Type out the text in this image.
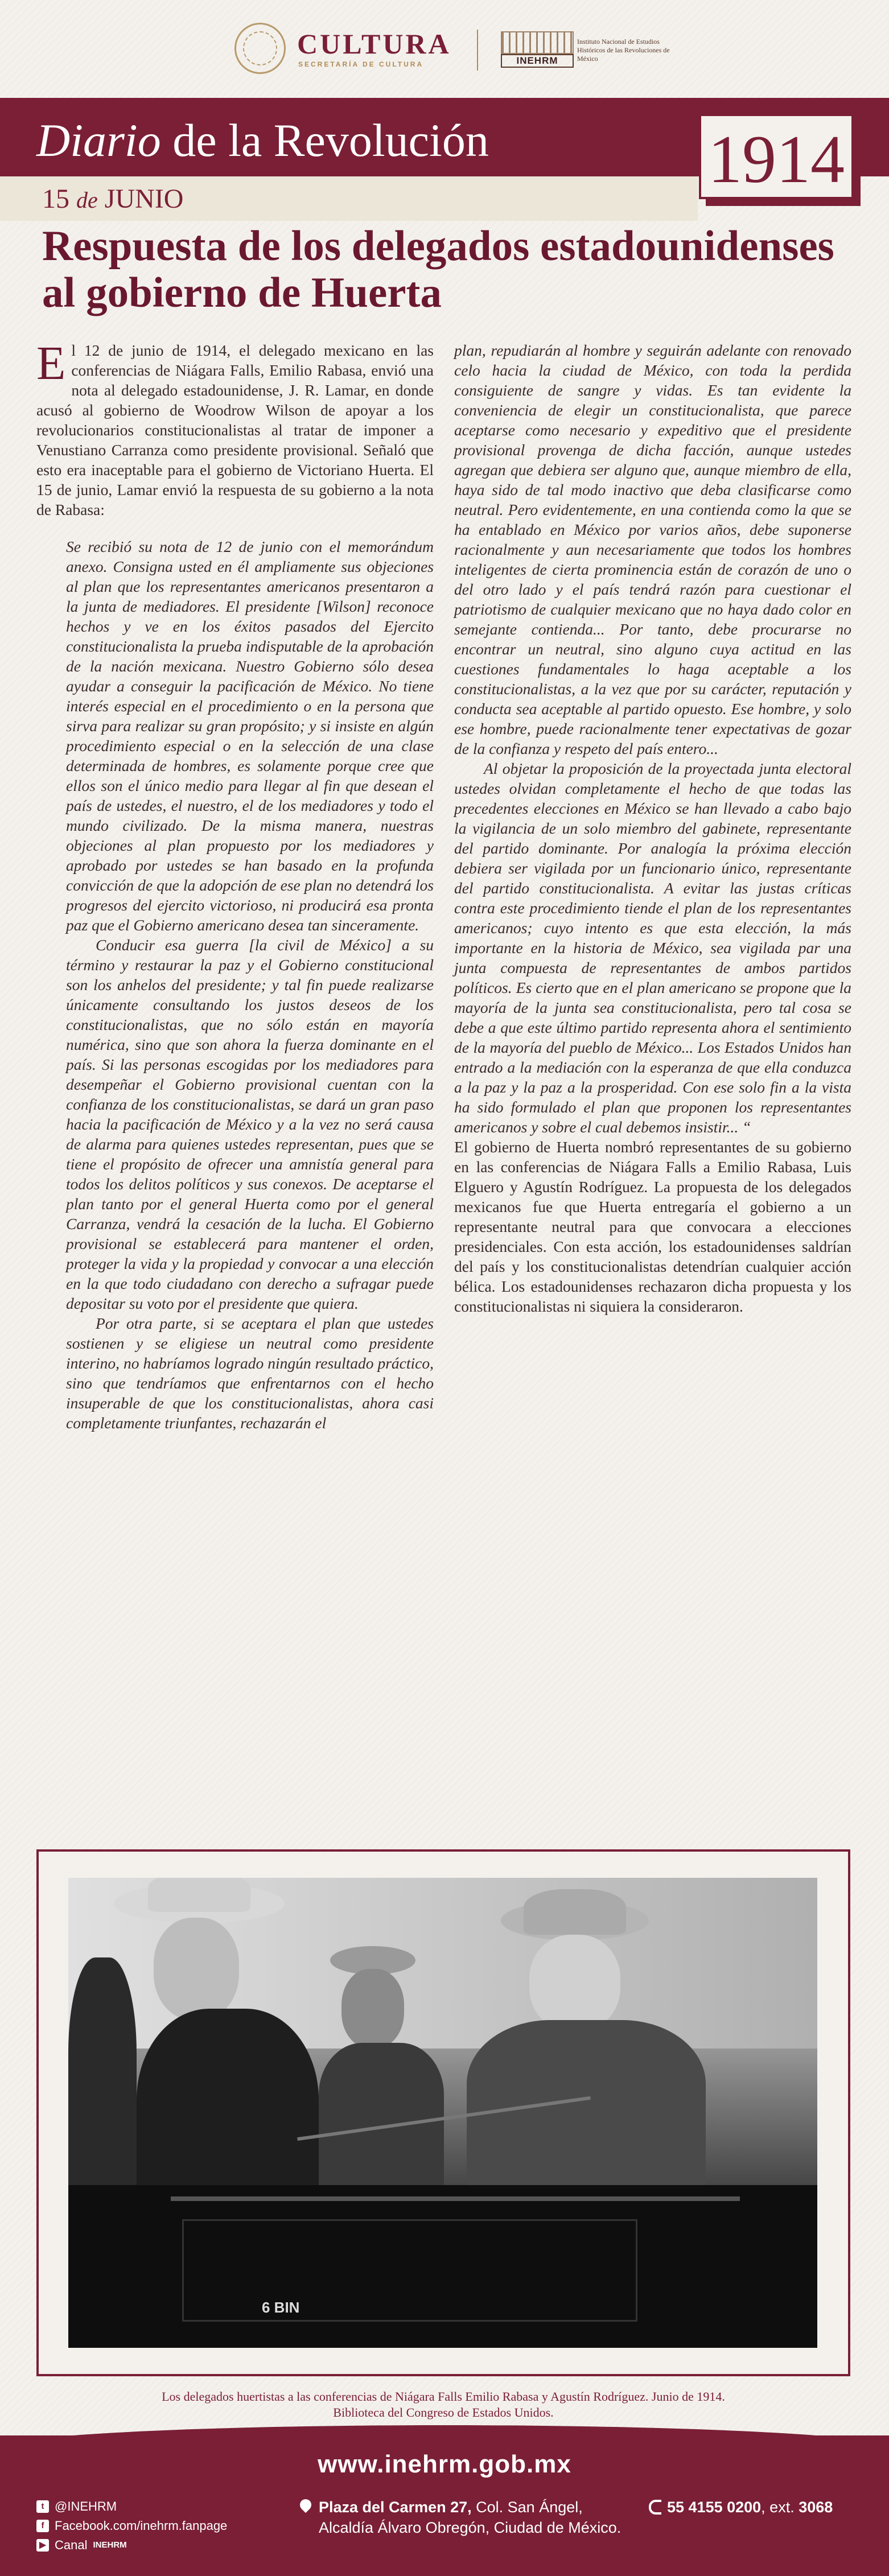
CULTURA
SECRETARÍA DE CULTURA	INEHRM
Instituto Nacional de Estudios Históricos de las Revoluciones de México
Diario de la Revolución
15 de JUNIO
1914
Respuesta de los delegados estadounidenses al gobierno de Huerta

El 12 de junio de 1914, el delegado mexicano en las conferencias de Niágara Falls, Emilio Rabasa, envió una nota al delegado estadounidense, J. R. Lamar, en donde acusó al gobierno de Woodrow Wilson de apoyar a los revolucionarios constitucionalistas al tratar de imponer a Venustiano Carranza como presidente provisional. Señaló que esto era inaceptable para el gobierno de Victoriano Huerta. El 15 de junio, Lamar envió la respuesta de su gobierno a la nota de Rabasa:

Se recibió su nota de 12 de junio con el memorándum anexo. Consigna usted en él ampliamente sus objeciones al plan que los representantes americanos presentaron a la junta de mediadores. El presidente [Wilson] reconoce hechos y ve en los éxitos pasados del Ejercito constitucionalista la prueba indisputable de la aprobación de la nación mexicana. Nuestro Gobierno sólo desea ayudar a conseguir la pacificación de México. No tiene interés especial en el procedimiento o en la persona que sirva para realizar su gran propósito; y si insiste en algún procedimiento especial o en la selección de una clase determinada de hombres, es solamente porque cree que ellos son el único medio para llegar al fin que desean el país de ustedes, el nuestro, el de los mediadores y todo el mundo civilizado. De la misma manera, nuestras objeciones al plan propuesto por los mediadores y aprobado por ustedes se han basado en la profunda convicción de que la adopción de ese plan no detendrá los progresos del ejercito victorioso, ni producirá esa pronta paz que el Gobierno americano desea tan sinceramente.

Conducir esa guerra [la civil de México] a su término y restaurar la paz y el Gobierno constitucional son los anhelos del presidente; y tal fin puede realizarse únicamente consultando los justos deseos de los constitucionalistas, que no sólo están en mayoría numérica, sino que son ahora la fuerza dominante en el país. Si las personas escogidas por los mediadores para desempeñar el Gobierno provisional cuentan con la confianza de los constitucionalistas, se dará un gran paso hacia la pacificación de México y a la vez no será causa de alarma para quienes ustedes representan, pues que se tiene el propósito de ofrecer una amnistía general para todos los delitos políticos y sus conexos. De aceptarse el plan tanto por el general Huerta como por el general Carranza, vendrá la cesación de la lucha. El Gobierno provisional se establecerá para mantener el orden, proteger la vida y la propiedad y convocar a una elección en la que todo ciudadano con derecho a sufragar puede depositar su voto por el presidente que quiera.

Por otra parte, si se aceptara el plan que ustedes sostienen y se eligiese un neutral como presidente interino, no habríamos logrado ningún resultado práctico, sino que tendríamos que enfrentarnos con el hecho insuperable de que los constitucionalistas, ahora casi completamente triunfantes, rechazarán el

plan, repudiarán al hombre y seguirán adelante con renovado celo hacia la ciudad de México, con toda la perdida consiguiente de sangre y vidas. Es tan evidente la conveniencia de elegir un constitucionalista, que parece aceptarse como necesario y expeditivo que el presidente provisional provenga de dicha facción, aunque ustedes agregan que debiera ser alguno que, aunque miembro de ella, haya sido de tal modo inactivo que deba clasificarse como neutral. Pero evidentemente, en una contienda como la que se ha entablado en México por varios años, debe suponerse racionalmente y aun necesariamente que todos los hombres inteligentes de cierta prominencia están de corazón de uno o del otro lado y el país tendrá razón para cuestionar el patriotismo de cualquier mexicano que no haya dado color en semejante contienda... Por tanto, debe procurarse no encontrar un neutral, sino alguno cuya actitud en las cuestiones fundamentales lo haga aceptable a los constitucionalistas, a la vez que por su carácter, reputación y conducta sea aceptable al partido opuesto. Ese hombre, y solo ese hombre, puede racionalmente tener expectativas de gozar de la confianza y respeto del país entero...

Al objetar la proposición de la proyectada junta electoral ustedes olvidan completamente el hecho de que todas las precedentes elecciones en México se han llevado a cabo bajo la vigilancia de un solo miembro del gabinete, representante del partido dominante. Por analogía la próxima elección debiera ser vigilada por un funcionario único, representante del partido constitucionalista. A evitar las justas críticas contra este procedimiento tiende el plan de los representantes americanos; cuyo intento es que esta elección, la más importante en la historia de México, sea vigilada par una junta compuesta de representantes de ambos partidos políticos. Es cierto que en el plan americano se propone que la mayoría de la junta sea constitucionalista, pero tal cosa se debe a que este último partido representa ahora el sentimiento de la mayoría del pueblo de México... Los Estados Unidos han entrado a la mediación con la esperanza de que ella conduzca a la paz y la paz a la prosperidad. Con ese solo fin a la vista ha sido formulado el plan que proponen los representantes americanos y sobre el cual debemos insistir... “

El gobierno de Huerta nombró representantes de su gobierno en las conferencias de Niágara Falls a Emilio Rabasa, Luis Elguero y Agustín Rodríguez. La propuesta de los delegados mexicanos fue que Huerta entregaría el gobierno a un representante neutral para que convocara a elecciones presidenciales. Con esta acción, los estadounidenses saldrían del país y los constitucionalistas detendrían cualquier acción bélica. Los estadounidenses rechazaron dicha propuesta y los constitucionalistas ni siquiera la consideraron.

6 BIN
Los delegados huertistas a las conferencias de Niágara Falls Emilio Rabasa y Agustín Rodríguez. Junio de 1914.
Biblioteca del Congreso de Estados Unidos.
www.inehrm.gob.mx
t @INEHRM
f Facebook.com/inehrm.fanpage
▶ Canal INEHRM
Plaza del Carmen 27, Col. San Ángel,
Alcaldía Álvaro Obregón, Ciudad de México.
55 4155 0200, ext. 3068
